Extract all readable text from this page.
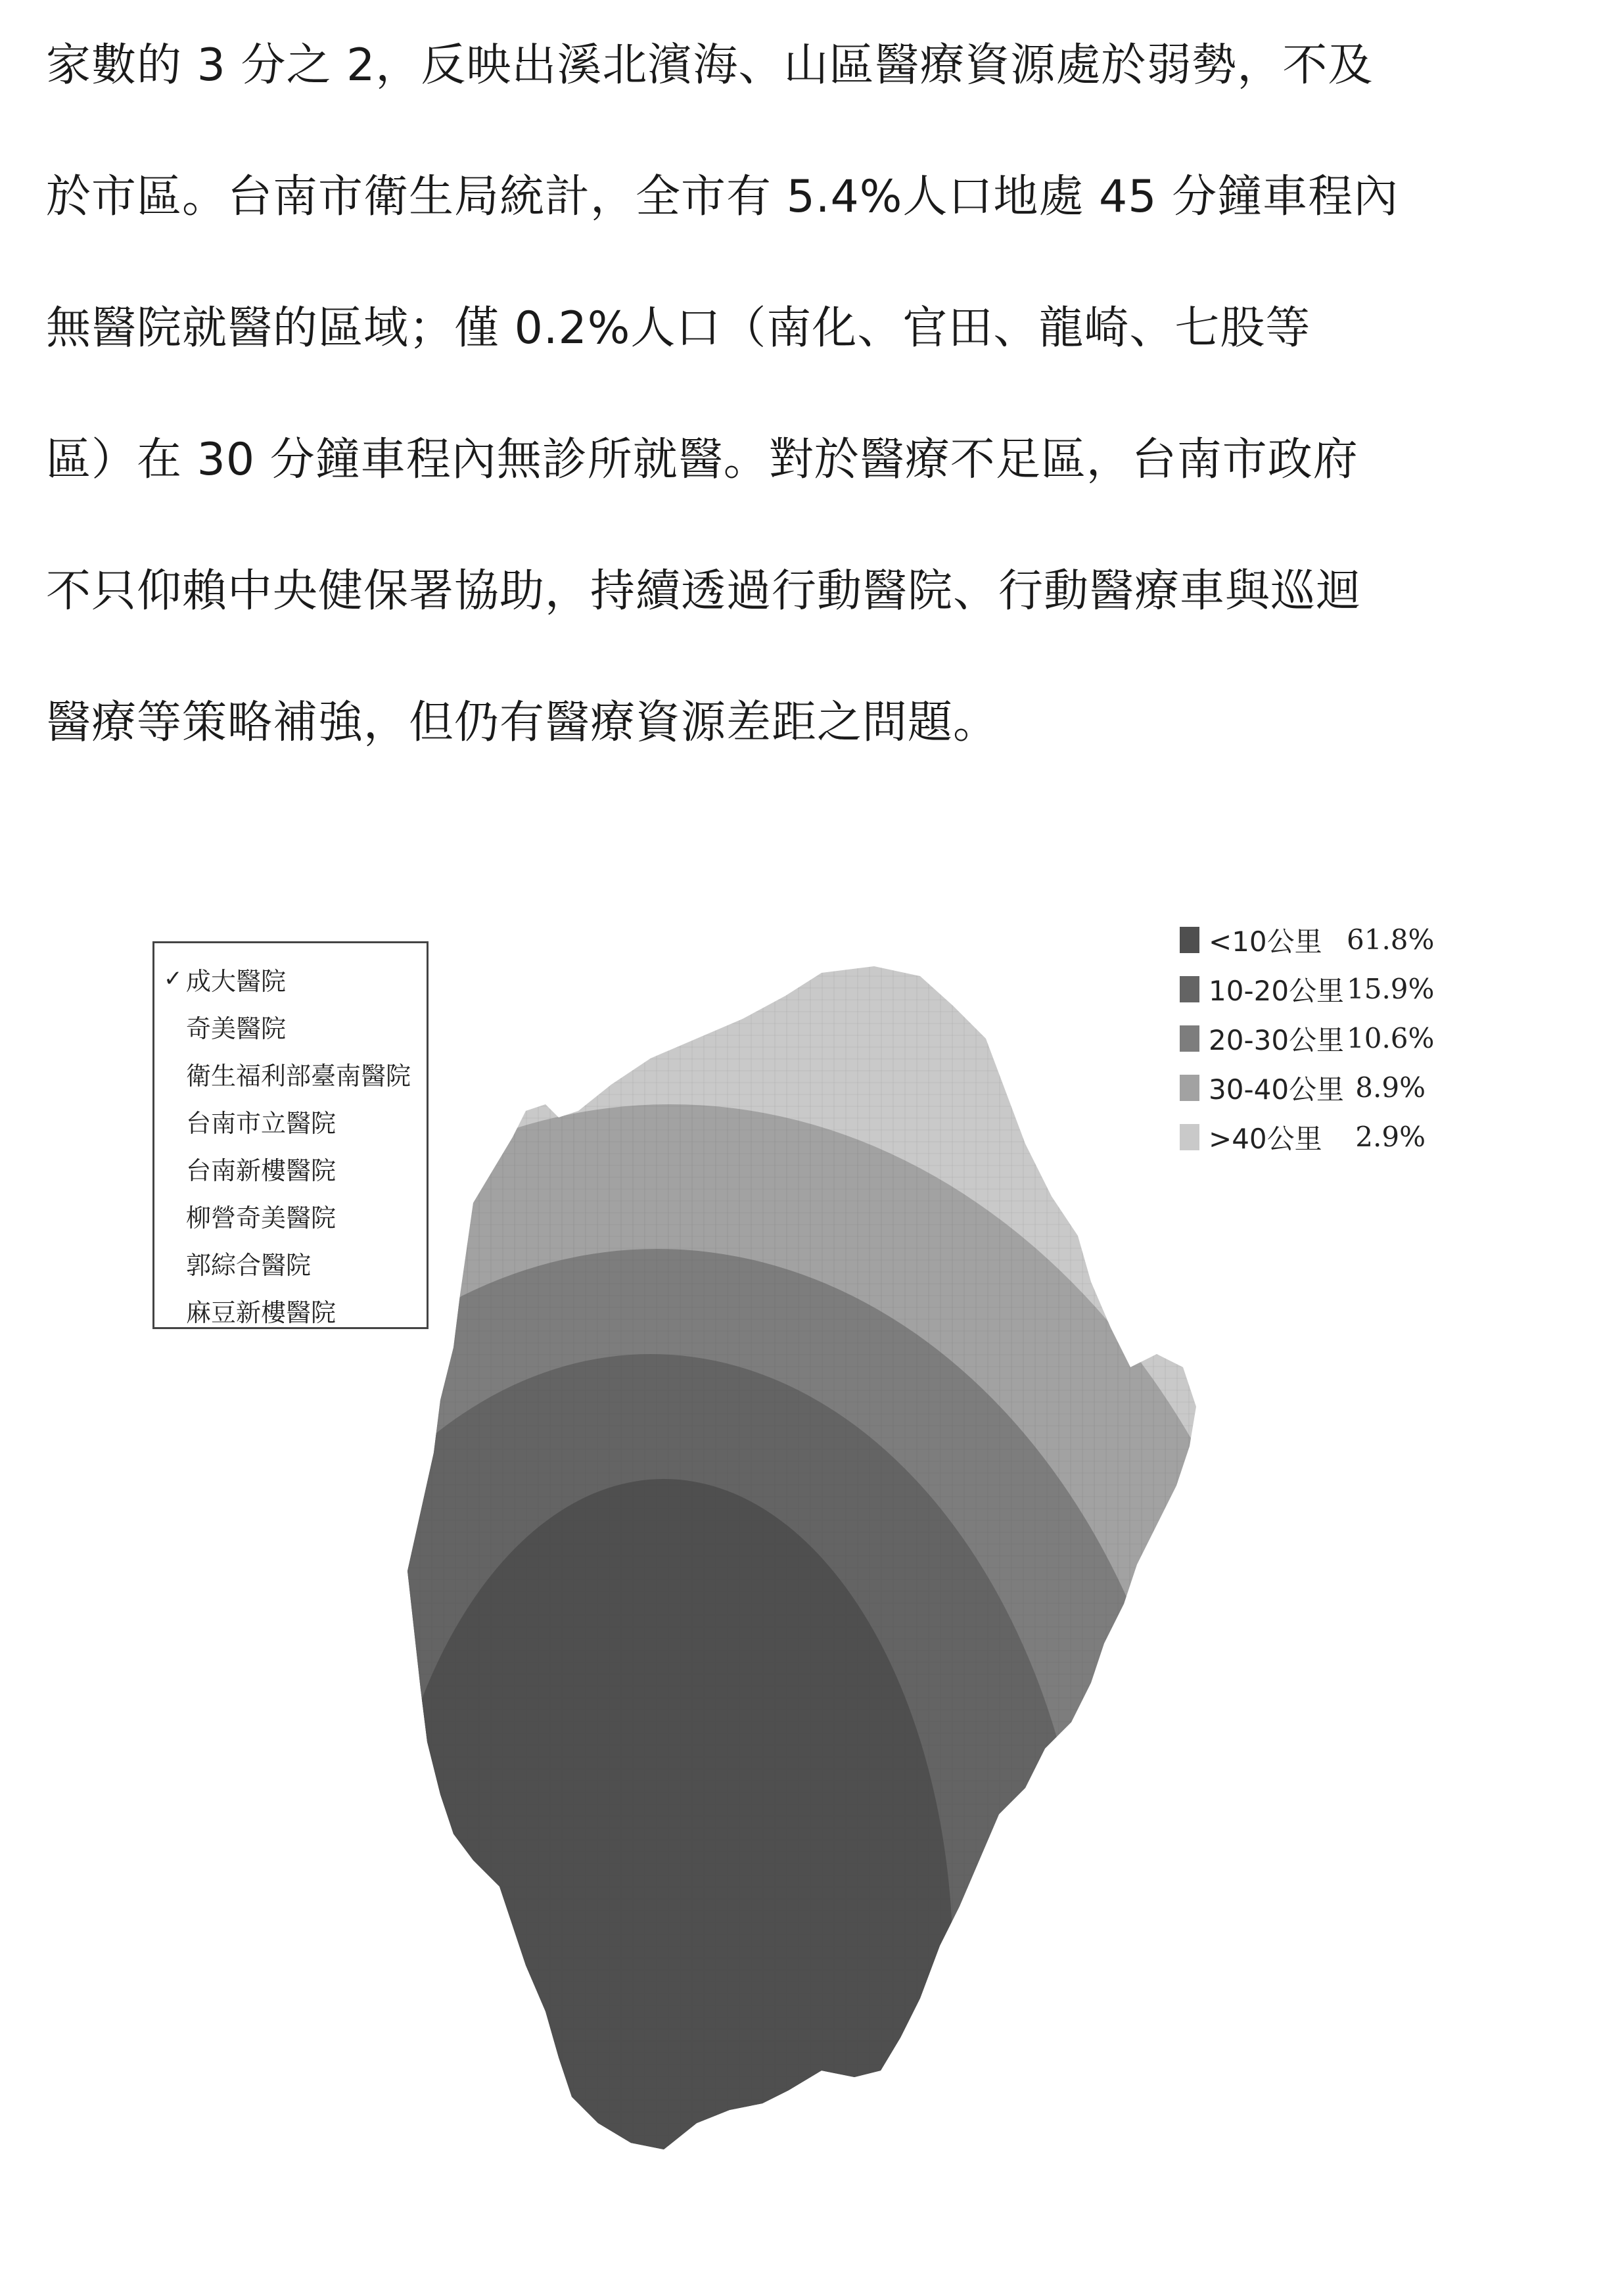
家數的 3 分之 2，反映出溪北濱海、山區醫療資源處於弱勢，不及
於市區。台南市衛生局統計，全市有 5.4%人口地處 45 分鐘車程內
無醫院就醫的區域；僅 0.2%人口（南化、官田、龍崎、七股等
區）在 30 分鐘車程內無診所就醫。對於醫療不足區，台南市政府
不只仰賴中央健保署協助，持續透過行動醫院、行動醫療車與巡迴
醫療等策略補強，但仍有醫療資源差距之問題。
✓ 成大醫院
奇美醫院
衛生福利部臺南醫院
台南市立醫院
台南新樓醫院
柳營奇美醫院
郭綜合醫院
麻豆新樓醫院
<10公里 61.8%
10-20公里 15.9%
20-30公里 10.6%
30-40公里 8.9%
>40公里	2.9%
